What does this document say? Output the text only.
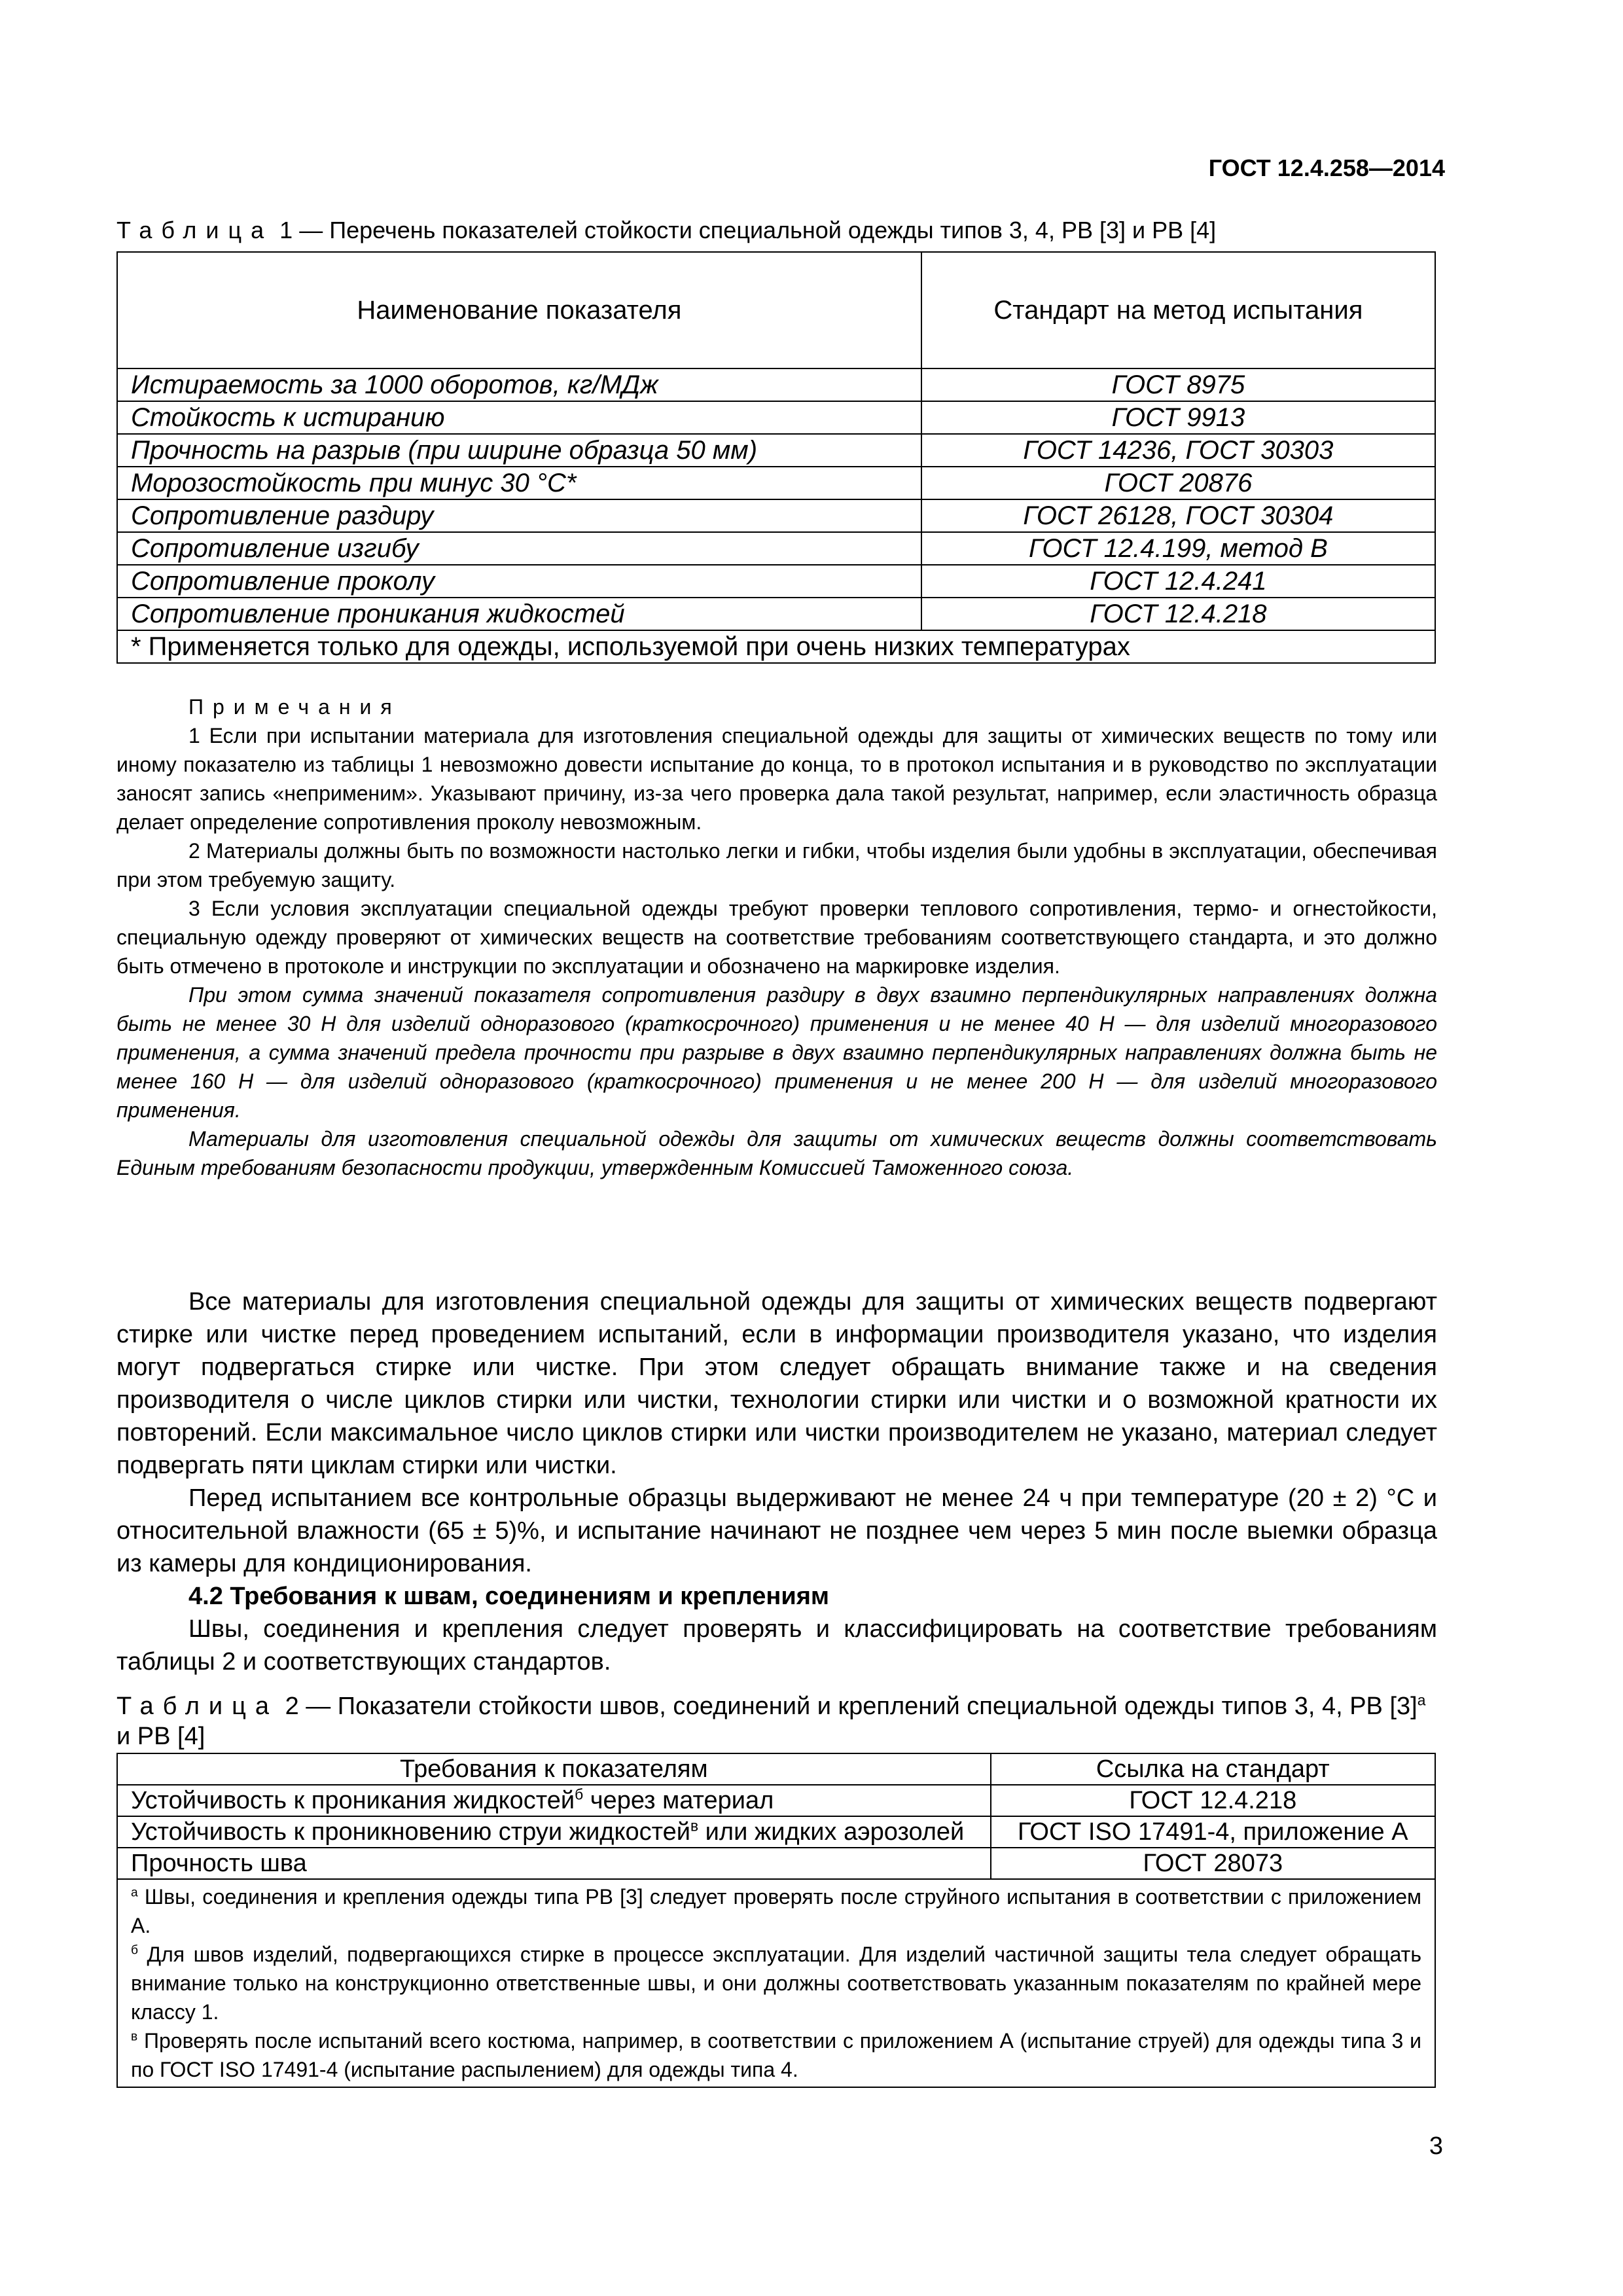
ГОСТ 12.4.258—2014
Таблица 1 — Перечень показателей стойкости специальной одежды типов 3, 4, РВ [3] и РВ [4]
Наименование показателя	Стандарт на метод испытания
Истираемость за 1000 оборотов, кг/МДж	ГОСТ 8975
Стойкость к истиранию	ГОСТ 9913
Прочность на разрыв (при ширине образца 50 мм)	ГОСТ 14236, ГОСТ 30303
Морозостойкость при минус 30 °С*	ГОСТ 20876
Сопротивление раздиру	ГОСТ 26128, ГОСТ 30304
Сопротивление изгибу	ГОСТ 12.4.199, метод В
Сопротивление проколу	ГОСТ 12.4.241
Сопротивление проникания жидкостей	ГОСТ 12.4.218
* Применяется только для одежды, используемой при очень низких температурах	

Примечания

1 Если при испытании материала для изготовления специальной одежды для защиты от химических веществ по тому или иному показателю из таблицы 1 невозможно довести испытание до конца, то в протокол испытания и в руководство по эксплуатации заносят запись «неприменим». Указывают причину, из-за чего проверка дала такой результат, например, если эластичность образца делает определение сопротивления проколу невозможным.

2 Материалы должны быть по возможности настолько легки и гибки, чтобы изделия были удобны в эксплуатации, обеспечивая при этом требуемую защиту.

3 Если условия эксплуатации специальной одежды требуют проверки теплового сопротивления, термо- и огнестойкости, специальную одежду проверяют от химических веществ на соответствие требованиям соответствующего стандарта, и это должно быть отмечено в протоколе и инструкции по эксплуатации и обозначено на маркировке изделия.

При этом сумма значений показателя сопротивления раздиру в двух взаимно перпендикулярных направлениях должна быть не менее 30 Н для изделий одноразового (краткосрочного) применения и не менее 40 Н — для изделий многоразового применения, а сумма значений предела прочности при разрыве в двух взаимно перпендикулярных направлениях должна быть не менее 160 Н — для изделий одноразового (краткосрочного) применения и не менее 200 Н — для изделий многоразового применения.

Материалы для изготовления специальной одежды для защиты от химических веществ должны соответствовать Единым требованиям безопасности продукции, утвержденным Комиссией Таможенного союза.

Все материалы для изготовления специальной одежды для защиты от химических веществ подвергают стирке или чистке перед проведением испытаний, если в информации производителя указано, что изделия могут подвергаться стирке или чистке. При этом следует обращать внимание также и на сведения производителя о числе циклов стирки или чистки, технологии стирки или чистки и о возможной кратности их повторений. Если максимальное число циклов стирки или чистки производителем не указано, материал следует подвергать пяти циклам стирки или чистки.

Перед испытанием все контрольные образцы выдерживают не менее 24 ч при температуре (20 ± 2) °С и относительной влажности (65 ± 5)%, и испытание начинают не позднее чем через 5 мин после выемки образца из камеры для кондиционирования.

4.2 Требования к швам, соединениям и креплениям

Швы, соединения и крепления следует проверять и классифицировать на соответствие требованиям таблицы 2 и соответствующих стандартов.

Таблица 2 — Показатели стойкости швов, соединений и креплений специальной одежды типов 3, 4, РВ $[3]^а$ и РВ [4]
Требования к показателям	Ссылка на стандарт
Устойчивость к проникания жидкостей$^б$ через материал	ГОСТ 12.4.218
Устойчивость к проникновению струи жидкостей$^в$ или жидких аэрозолей	ГОСТ ISO 17491-4, приложение А
Прочность шва	ГОСТ 28073

$^а$ Швы, соединения и крепления одежды типа РВ [3] следует проверять после струйного испытания в соответствии с приложением А.
$^б$ Для швов изделий, подвергающихся стирке в процессе эксплуатации. Для изделий частичной защиты тела следует обращать внимание только на конструкционно ответственные швы, и они должны соответствовать указанным показателям по крайней мере классу 1.
$^в$ Проверять после испытаний всего костюма, например, в соответствии с приложением А (испытание струей) для одежды типа 3 и по ГОСТ ISO 17491-4 (испытание распылением) для одежды типа 4.	
3
